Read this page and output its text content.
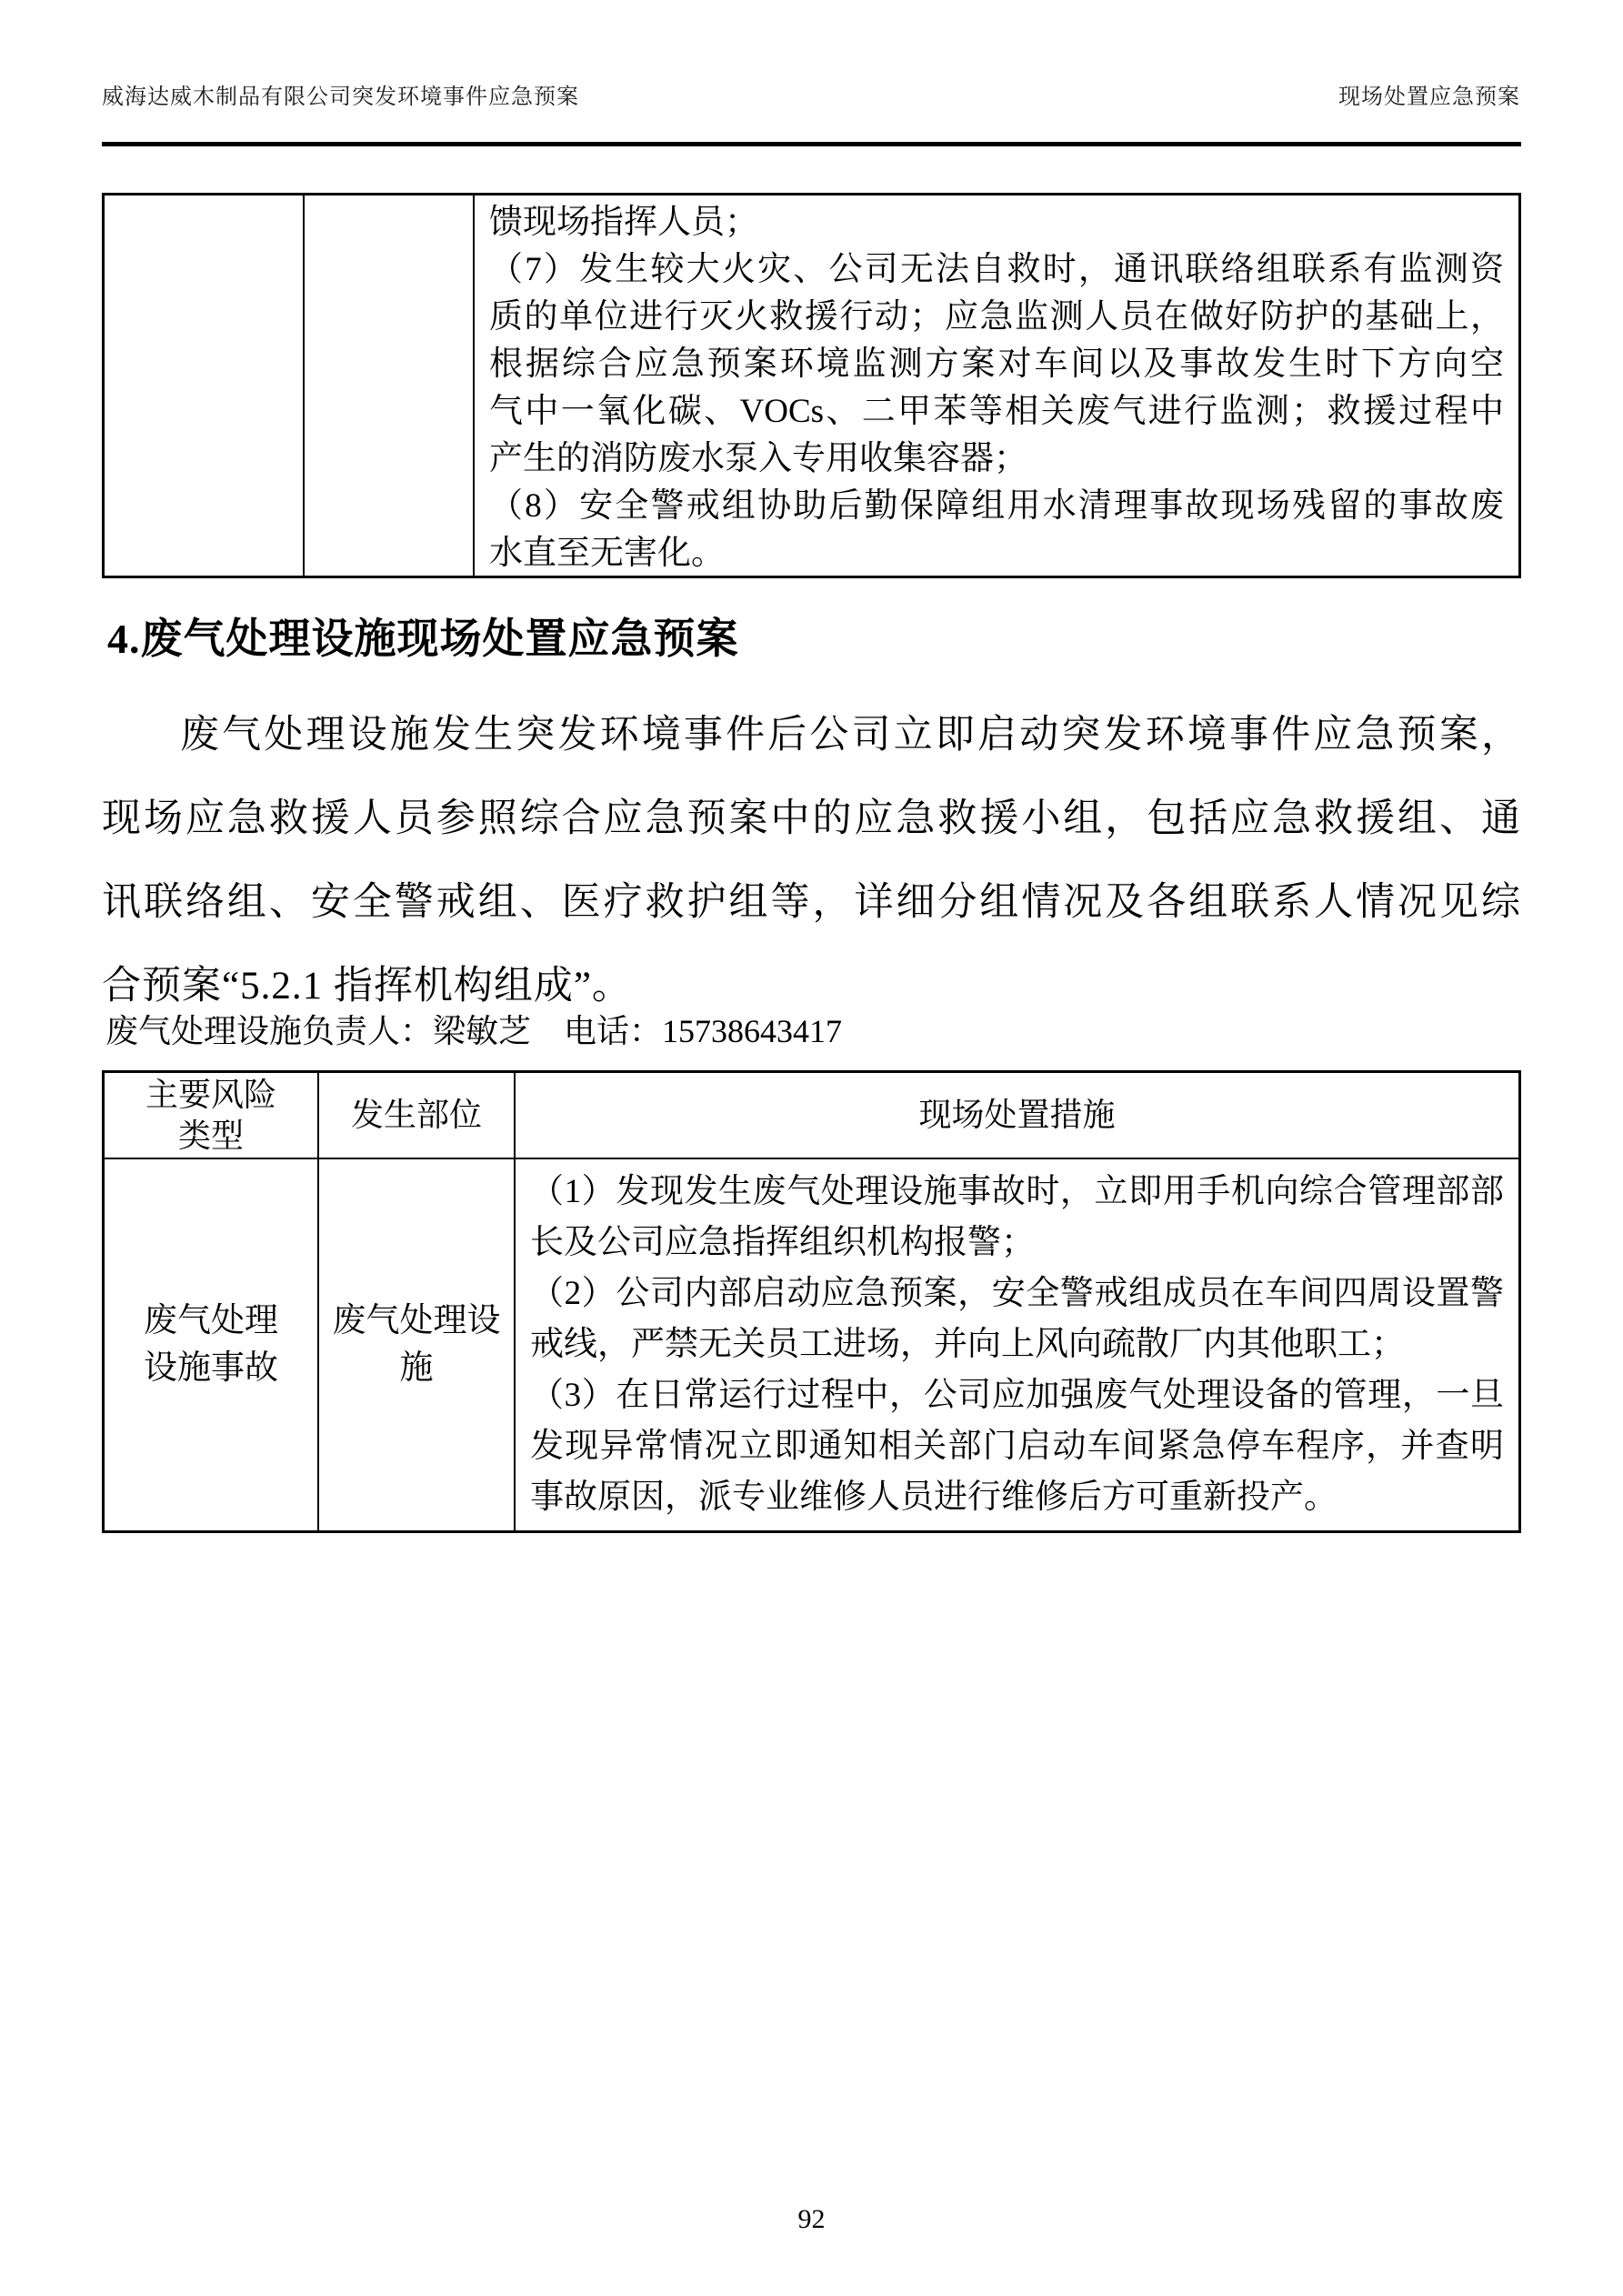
威海达威木制品有限公司突发环境事件应急预案	现场处置应急预案
馈现场指挥人员；
（7）发生较大火灾、公司无法自救时，通讯联络组联系有监测资
质的单位进行灭火救援行动；应急监测人员在做好防护的基础上，
根据综合应急预案环境监测方案对车间以及事故发生时下方向空
气中一氧化碳、VOCs、二甲苯等相关废气进行监测；救援过程中
产生的消防废水泵入专用收集容器；
（8）安全警戒组协助后勤保障组用水清理事故现场残留的事故废
水直至无害化。
4.废气处理设施现场处置应急预案
废气处理设施发生突发环境事件后公司立即启动突发环境事件应急预案，
现场应急救援人员参照综合应急预案中的应急救援小组，包括应急救援组、通
讯联络组、安全警戒组、医疗救护组等，详细分组情况及各组联系人情况见综
合预案“5.2.1 指挥机构组成”。
废气处理设施负责人：梁敏芝 电话：15738643417
主要风险
类型
发生部位	现场处置措施
废气处理
设施事故
废气处理设
施
（1）发现发生废气处理设施事故时，立即用手机向综合管理部部
长及公司应急指挥组织机构报警；
（2）公司内部启动应急预案，安全警戒组成员在车间四周设置警
戒线，严禁无关员工进场，并向上风向疏散厂内其他职工；
（3）在日常运行过程中，公司应加强废气处理设备的管理，一旦
发现异常情况立即通知相关部门启动车间紧急停车程序，并查明
事故原因，派专业维修人员进行维修后方可重新投产。
92
